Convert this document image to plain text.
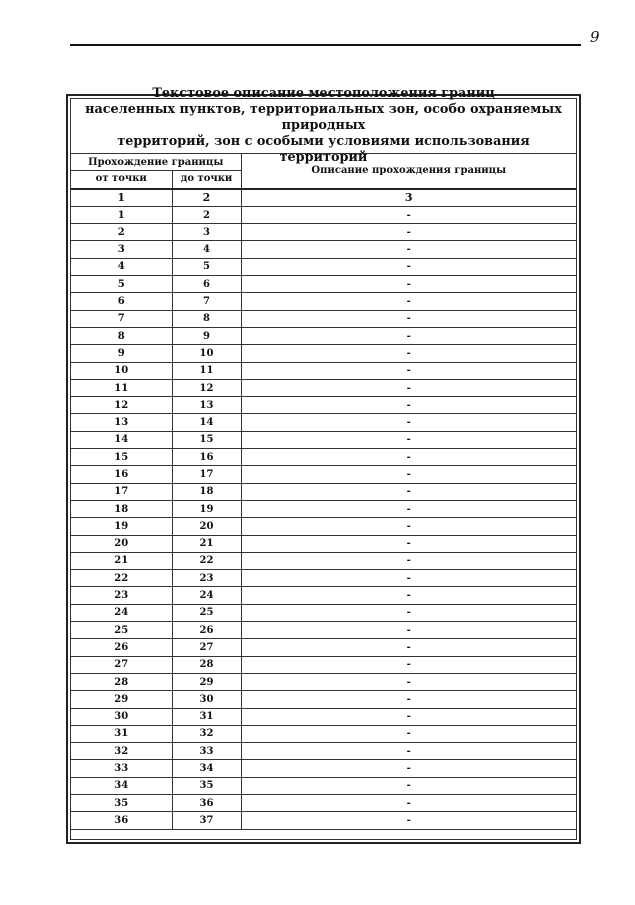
9
Текстовое описание местоположения границ
населенных пунктов, территориальных зон, особо охраняемых природных
территорий, зон с особыми условиями использования территорий
Прохождение границы		Описание прохождения границы
от точки	до точки	
1	2	3
1	2	-
2	3	-
3	4	-
4	5	-
5	6	-
6	7	-
7	8	-
8	9	-
9	10	-
10	11	-
11	12	-
12	13	-
13	14	-
14	15	-
15	16	-
16	17	-
17	18	-
18	19	-
19	20	-
20	21	-
21	22	-
22	23	-
23	24	-
24	25	-
25	26	-
26	27	-
27	28	-
28	29	-
29	30	-
30	31	-
31	32	-
32	33	-
33	34	-
34	35	-
35	36	-
36	37	-
